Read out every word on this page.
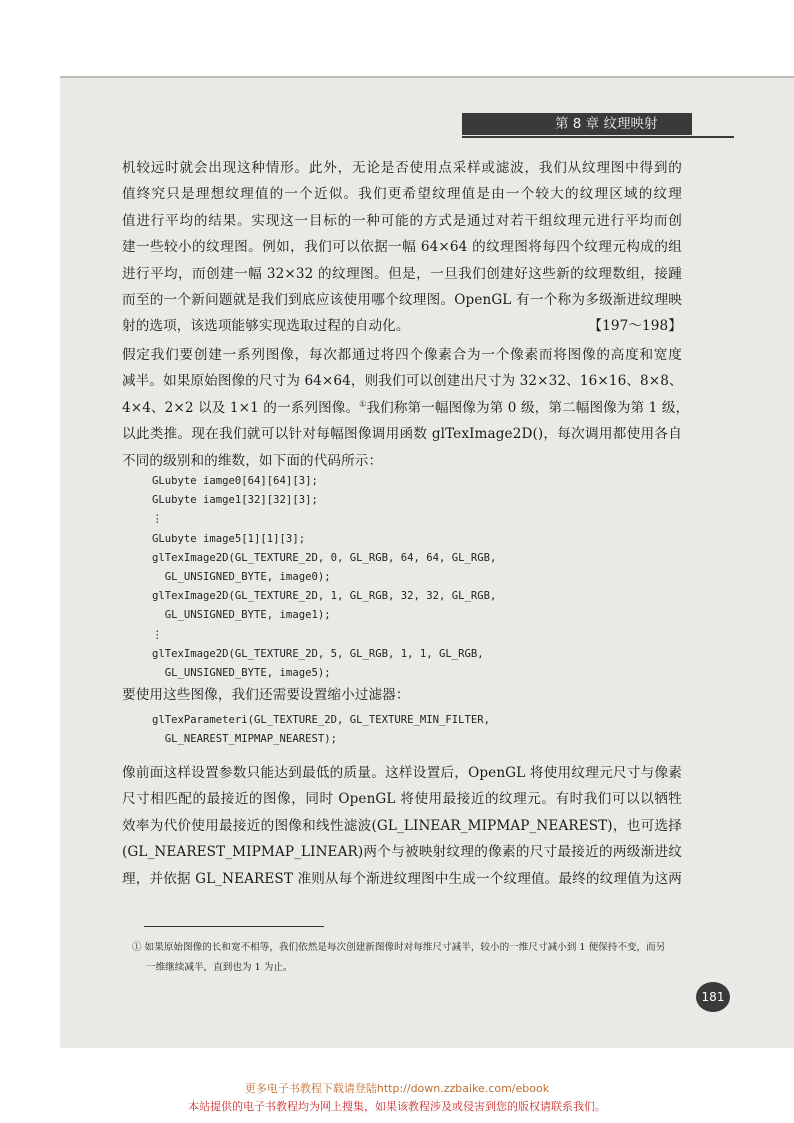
第 8 章 纹理映射
机较远时就会出现这种情形。此外，无论是否使用点采样或滤波，我们从纹理图中得到的
值终究只是理想纹理值的一个近似。我们更希望纹理值是由一个较大的纹理区域的纹理
值进行平均的结果。实现这一目标的一种可能的方式是通过对若干组纹理元进行平均而创
建一些较小的纹理图。例如，我们可以依据一幅 64×64 的纹理图将每四个纹理元构成的组
进行平均，而创建一幅 32×32 的纹理图。但是，一旦我们创建好这些新的纹理数组，接踵
而至的一个新问题就是我们到底应该使用哪个纹理图。OpenGL 有一个称为多级渐进纹理映
射的选项，该选项能够实现选取过程的自动化。	【197～198】
假定我们要创建一系列图像，每次都通过将四个像素合为一个像素而将图像的高度和宽度
减半。如果原始图像的尺寸为 64×64，则我们可以创建出尺寸为 32×32、16×16、8×8、
4×4、2×2 以及 1×1 的一系列图像。①我们称第一幅图像为第 0 级，第二幅图像为第 1 级，
以此类推。现在我们就可以针对每幅图像调用函数 glTexImage2D()，每次调用都使用各自
不同的级别和的维数，如下面的代码所示：
GLubyte iamge0[64][64][3];
GLubyte iamge1[32][32][3];
⋮
GLubyte image5[1][1][3];
glTexImage2D(GL_TEXTURE_2D, 0, GL_RGB, 64, 64, GL_RGB,
GL_UNSIGNED_BYTE, image0);
glTexImage2D(GL_TEXTURE_2D, 1, GL_RGB, 32, 32, GL_RGB,
GL_UNSIGNED_BYTE, image1);
⋮
glTexImage2D(GL_TEXTURE_2D, 5, GL_RGB, 1, 1, GL_RGB,
GL_UNSIGNED_BYTE, image5);
要使用这些图像，我们还需要设置缩小过滤器：
glTexParameteri(GL_TEXTURE_2D, GL_TEXTURE_MIN_FILTER,
GL_NEAREST_MIPMAP_NEAREST);
像前面这样设置参数只能达到最低的质量。这样设置后，OpenGL 将使用纹理元尺寸与像素
尺寸相匹配的最接近的图像，同时 OpenGL 将使用最接近的纹理元。有时我们可以以牺牲
效率为代价使用最接近的图像和线性滤波(GL_LINEAR_MIPMAP_NEAREST)，也可选择
(GL_NEAREST_MIPMAP_LINEAR)两个与被映射纹理的像素的尺寸最接近的两级渐进纹
理，并依据 GL_NEAREST 准则从每个渐进纹理图中生成一个纹理值。最终的纹理值为这两
① 如果原始图像的长和宽不相等，我们依然是每次创建新图像时对每维尺寸减半，较小的一维尺寸减小到 1 便保持不变，而另
一维继续减半，直到也为 1 为止。
181
更多电子书教程下载请登陆http://down.zzbaike.com/ebook
本站提供的电子书教程均为网上搜集，如果该教程涉及或侵害到您的版权请联系我们。
